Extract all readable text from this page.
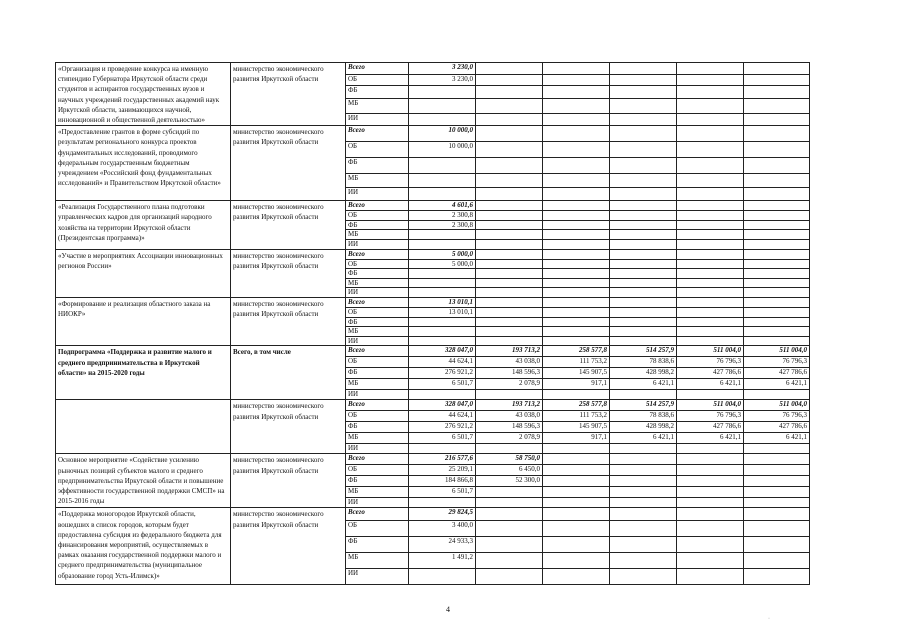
«Организация и проведение конкурса на именную стипендию Губернатора Иркутской области среди студентов и аспирантов государственных вузов и научных учреждений государственных академий наук Иркутской области, занимающихся научной, инновационной и общественной деятельностью»	министерство экономического развития Иркутской области	Всего	3 230,0					
		ОБ	3 230,0					
		ФБ						
		МБ						
		ИИ						
«Предоставление грантов в форме субсидий по результатам регионального конкурса проектов фундаментальных исследований, проводимого федеральным государственным бюджетным учреждением «Российский фонд фундаментальных исследований» и Правительством Иркутской области»	министерство экономического развития Иркутской области	Всего	10 000,0					
		ОБ	10 000,0					
		ФБ						
		МБ						
		ИИ						
«Реализация Государственного плана подготовки управленческих кадров для организаций народного хозяйства на территории Иркутской области (Президентская программа)»	министерство экономического развития Иркутской области	Всего	4 601,6					
		ОБ	2 300,8					
		ФБ	2 300,8					
		МБ						
		ИИ						
«Участие в мероприятиях Ассоциации инновационных регионов России»	министерство экономического развития Иркутской области	Всего	5 000,0					
		ОБ	5 000,0					
		ФБ						
		МБ						
		ИИ						
«Формирование и реализация областного заказа на НИОКР»	министерство экономического развития Иркутской области	Всего	13 010,1					
		ОБ	13 010,1					
		ФБ						
		МБ						
		ИИ						
Подпрограмма «Поддержка и развитие малого и среднего предпринимательства в Иркутской области» на 2015-2020 годы	Всего, в том числе	Всего	328 047,0	193 713,2	258 577,8	514 257,9	511 004,0	511 004,0
		ОБ	44 624,1	43 038,0	111 753,2	78 838,6	76 796,3	76 796,3
		ФБ	276 921,2	148 596,3	145 907,5	428 998,2	427 786,6	427 786,6
		МБ	6 501,7	2 078,9	917,1	6 421,1	6 421,1	6 421,1
		ИИ						
	министерство экономического развития Иркутской области	Всего	328 047,0	193 713,2	258 577,8	514 257,9	511 004,0	511 004,0
		ОБ	44 624,1	43 038,0	111 753,2	78 838,6	76 796,3	76 796,3
		ФБ	276 921,2	148 596,3	145 907,5	428 998,2	427 786,6	427 786,6
		МБ	6 501,7	2 078,9	917,1	6 421,1	6 421,1	6 421,1
		ИИ						
Основное мероприятие «Содействие усилению рыночных позиций субъектов малого и среднего предпринимательства Иркутской области и повышение эффективности государственной поддержки СМСП» на 2015-2016 годы	министерство экономического развития Иркутской области	Всего	216 577,6	58 750,0				
		ОБ	25 209,1	6 450,0				
		ФБ	184 866,8	52 300,0				
		МБ	6 501,7					
		ИИ						
«Поддержка моногородов Иркутской области, вошедших в список городов, которым будет предоставлена субсидия из федерального бюджета для финансирования мероприятий, осуществляемых в рамках оказания государственной поддержки малого и среднего предпринимательства (муниципальное образование город Усть-Илимск)»	министерство экономического развития Иркутской области	Всего	29 824,5					
		ОБ	3 400,0					
		ФБ	24 933,3					
		МБ	1 491,2					
		ИИ						
4
·
